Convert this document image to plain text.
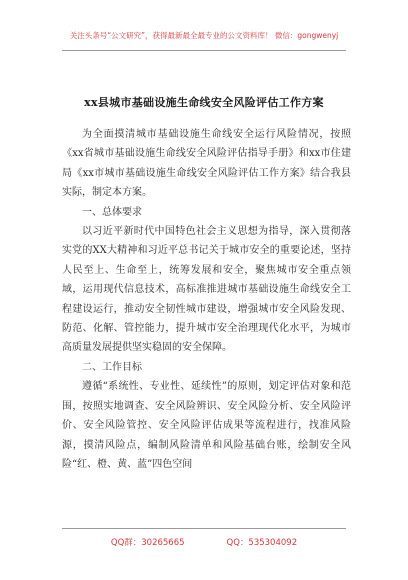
关注头条号“公文研究”，获得最新最全最专业的公文资料库！ 微信：gongwenyj
xx县城市基础设施生命线安全风险评估工作方案

为全面摸清城市基础设施生命线安全运行风险情况，按照《xx省城市基础设施生命线安全风险评估指导手册》和xx市住建局《xx市城市基础设施生命线安全风险评估工作方案》结合我县实际，制定本方案。

一、总体要求

以习近平新时代中国特色社会主义思想为指导，深入贯彻落实党的XX大精神和习近平总书记关于城市安全的重要论述，坚持人民至上、生命至上，统筹发展和安全，聚焦城市安全重点领域，运用现代信息技术，高标准推进城市基础设施生命线安全工程建设运行，推动安全韧性城市建设，增强城市安全风险发现、防范、化解、管控能力，提升城市安全治理现代化水平，为城市高质量发展提供坚实稳固的安全保障。

二、工作目标

遵循“系统性、专业性、延续性”的原则，划定评估对象和范围，按照实地调查、安全风险辨识、安全风险分析、安全风险评价、安全风险管控、安全风险评估成果等流程进行，找准风险源，摸清风险点，编制风险清单和风险基础台账，绘制安全风险“红、橙、黄、蓝”四色空间

QQ群：30265665	QQ：535304092
